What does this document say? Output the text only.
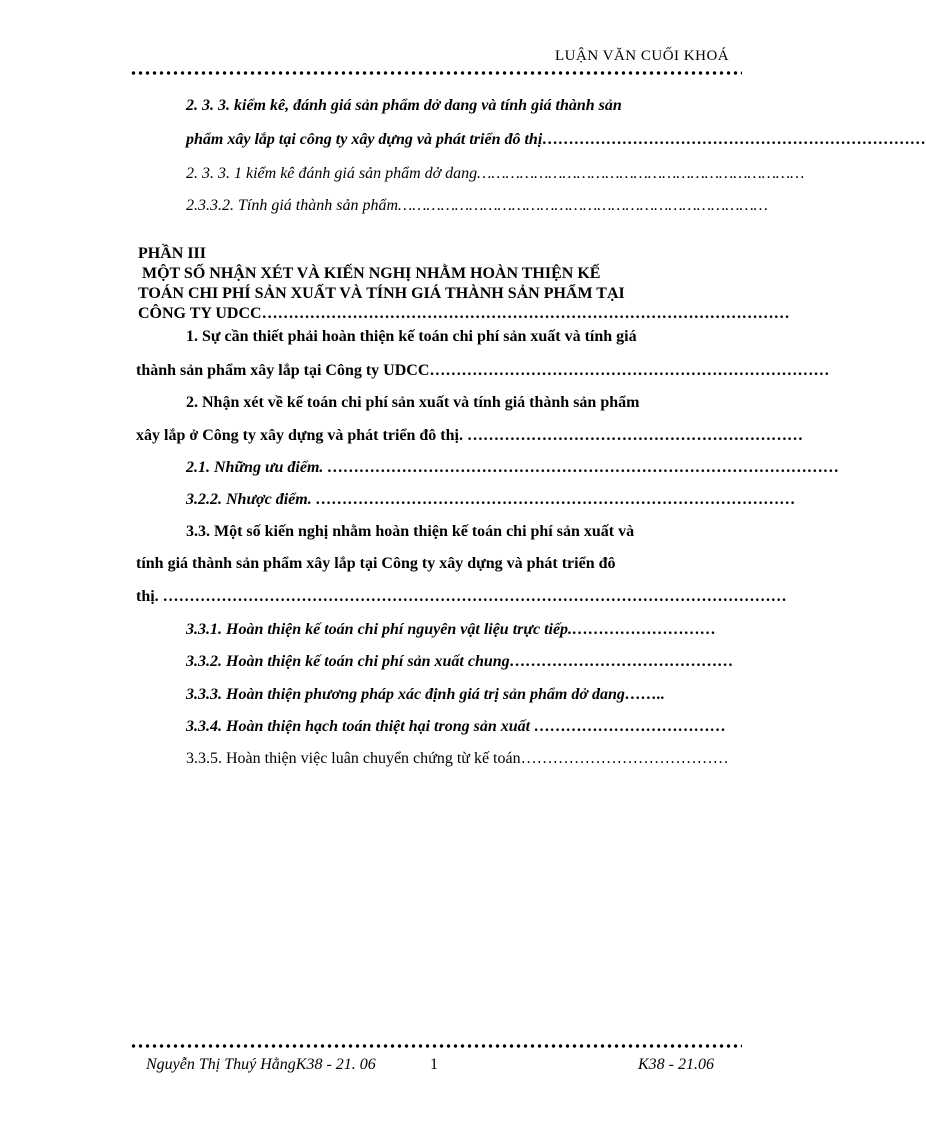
LUẬN VĂN CUỐI KHOÁ
2. 3. 3. kiểm kê, đánh giá sản phẩm dở dang và tính giá thành sản
phẩm xây lắp tại công ty xây dựng và phát triển đô thị………………………………………………………………
2. 3. 3. 1 kiểm kê đánh giá sản phẩm dở dang……………………………………………………………
2.3.3.2. Tính giá thành sản phẩm……………………………………………………………………
PHẦN III
MỘT SỐ NHẬN XÉT VÀ KIẾN NGHỊ NHẰM HOÀN THIỆN KẾ
TOÁN CHI PHÍ SẢN XUẤT VÀ TÍNH GIÁ THÀNH SẢN PHẨM TẠI
CÔNG TY UDCC………………………………………………………………………………………
1. Sự cần thiết phải hoàn thiện kế toán chi phí sản xuất và tính giá
thành sản phẩm xây lắp tại Công ty UDCC…………………………………………………………………
2. Nhận xét về kế toán chi phí sản xuất và tính giá thành sản phẩm
xây lắp ở Công ty xây dựng và phát triển đô thị. ………………………………………………………
2.1. Những ưu điểm. ……………………………………………………………………………………
3.2.2. Nhược điểm. ………………………………………………………………………………
3.3. Một số kiến nghị nhằm hoàn thiện kế toán chi phí sản xuất và
tính giá thành sản phẩm xây lắp tại Công ty xây dựng và phát triển đô
thị. ………………………………………………………………………………………………………
3.3.1. Hoàn thiện kế toán chi phí nguyên vật liệu trực tiếp.………………………
3.3.2. Hoàn thiện kế toán chi phí sản xuất chung……………………………………
3.3.3. Hoàn thiện phương pháp xác định giá trị sản phẩm dở dang……..
3.3.4. Hoàn thiện hạch toán thiệt hại trong sản xuất ………………………………
3.3.5. Hoàn thiện việc luân chuyển chứng từ kế toán…………………………………
Nguyễn Thị Thuý HằngK38 - 21. 06	1	K38 - 21.06
